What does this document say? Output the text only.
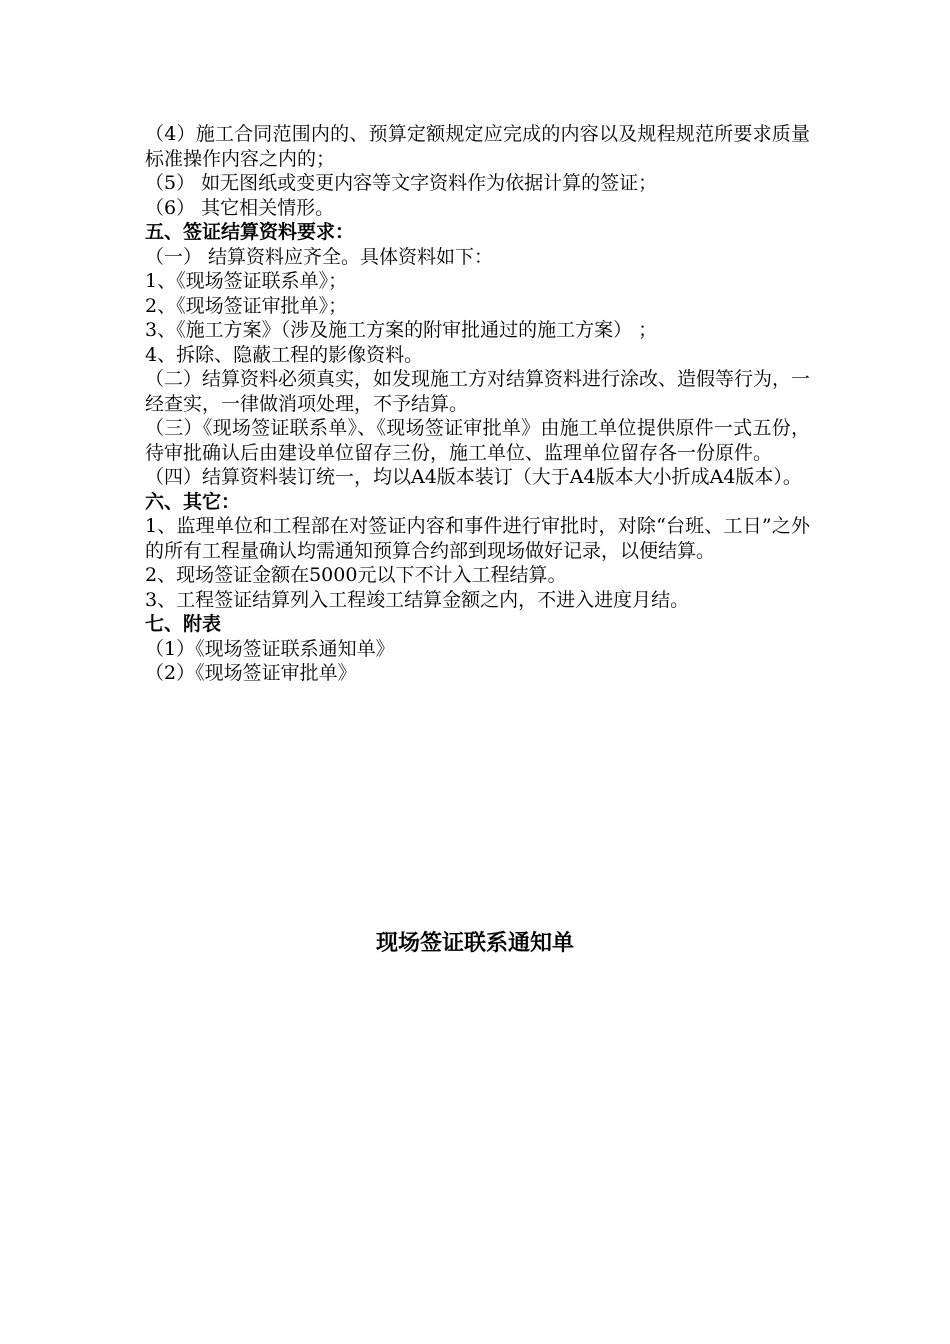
（4）施工合同范围内的、预算定额规定应完成的内容以及规程规范所要求质量标准操作内容之内的；

（5） 如无图纸或变更内容等文字资料作为依据计算的签证；

（6） 其它相关情形。

五、签证结算资料要求：

（一） 结算资料应齐全。具体资料如下：

1、《现场签证联系单》；

2、《现场签证审批单》；

3、《施工方案》（涉及施工方案的附审批通过的施工方案） ；

4、拆除、隐蔽工程的影像资料。

（二）结算资料必须真实，如发现施工方对结算资料进行涂改、造假等行为，一经查实，一律做消项处理，不予结算。

（三）《现场签证联系单》、《现场签证审批单》由施工单位提供原件一式五份，待审批确认后由建设单位留存三份，施工单位、监理单位留存各一份原件。

（四）结算资料装订统一，均以A4版本装订（大于A4版本大小折成A4版本）。

六、其它：

1、监理单位和工程部在对签证内容和事件进行审批时，对除“台班、工日”之外的所有工程量确认均需通知预算合约部到现场做好记录，以便结算。

2、现场签证金额在5000元以下不计入工程结算。

3、工程签证结算列入工程竣工结算金额之内，不进入进度月结。

七、附表

（1）《现场签证联系通知单》

（2）《现场签证审批单》

现场签证联系通知单
